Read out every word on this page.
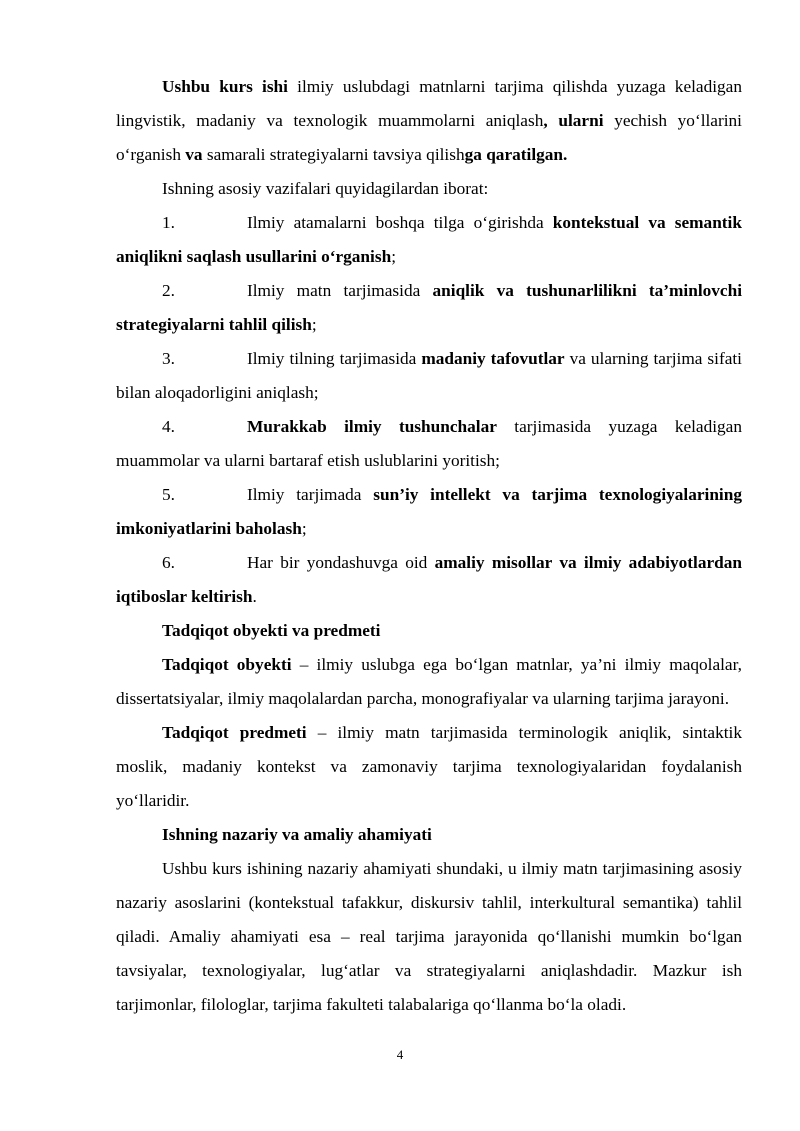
Ushbu kurs ishi ilmiy uslubdagi matnlarni tarjima qilishda yuzaga keladigan lingvistik, madaniy va texnologik muammolarni aniqlash, ularni yechish yo‘llarini o‘rganish va samarali strategiyalarni tavsiya qilishga qaratilgan.

Ishning asosiy vazifalari quyidagilardan iborat:

1.	Ilmiy atamalarni boshqa tilga o‘girishda kontekstual va semantik aniqlikni saqlash usullarini o‘rganish;

2.	Ilmiy matn tarjimasida aniqlik va tushunarlilikni ta’minlovchi strategiyalarni tahlil qilish;

3.	Ilmiy tilning tarjimasida madaniy tafovutlar va ularning tarjima sifati bilan aloqadorligini aniqlash;

4.	Murakkab ilmiy tushunchalar tarjimasida yuzaga keladigan muammolar va ularni bartaraf etish uslublarini yoritish;

5.	Ilmiy tarjimada sun’iy intellekt va tarjima texnologiyalarining imkoniyatlarini baholash;

6.	Har bir yondashuvga oid amaliy misollar va ilmiy adabiyotlardan iqtiboslar keltirish.

Tadqiqot obyekti va predmeti

Tadqiqot obyekti – ilmiy uslubga ega bo‘lgan matnlar, ya’ni ilmiy maqolalar, dissertatsiyalar, ilmiy maqolalardan parcha, monografiyalar va ularning tarjima jarayoni.

Tadqiqot predmeti – ilmiy matn tarjimasida terminologik aniqlik, sintaktik moslik, madaniy kontekst va zamonaviy tarjima texnologiyalaridan foydalanish yo‘llaridir.

Ishning nazariy va amaliy ahamiyati

Ushbu kurs ishining nazariy ahamiyati shundaki, u ilmiy matn tarjimasining asosiy nazariy asoslarini (kontekstual tafakkur, diskursiv tahlil, interkultural semantika) tahlil qiladi. Amaliy ahamiyati esa – real tarjima jarayonida qo‘llanishi mumkin bo‘lgan tavsiyalar, texnologiyalar, lug‘atlar va strategiyalarni aniqlashdadir. Mazkur ish tarjimonlar, filologlar, tarjima fakulteti talabalariga qo‘llanma bo‘la oladi.

4
